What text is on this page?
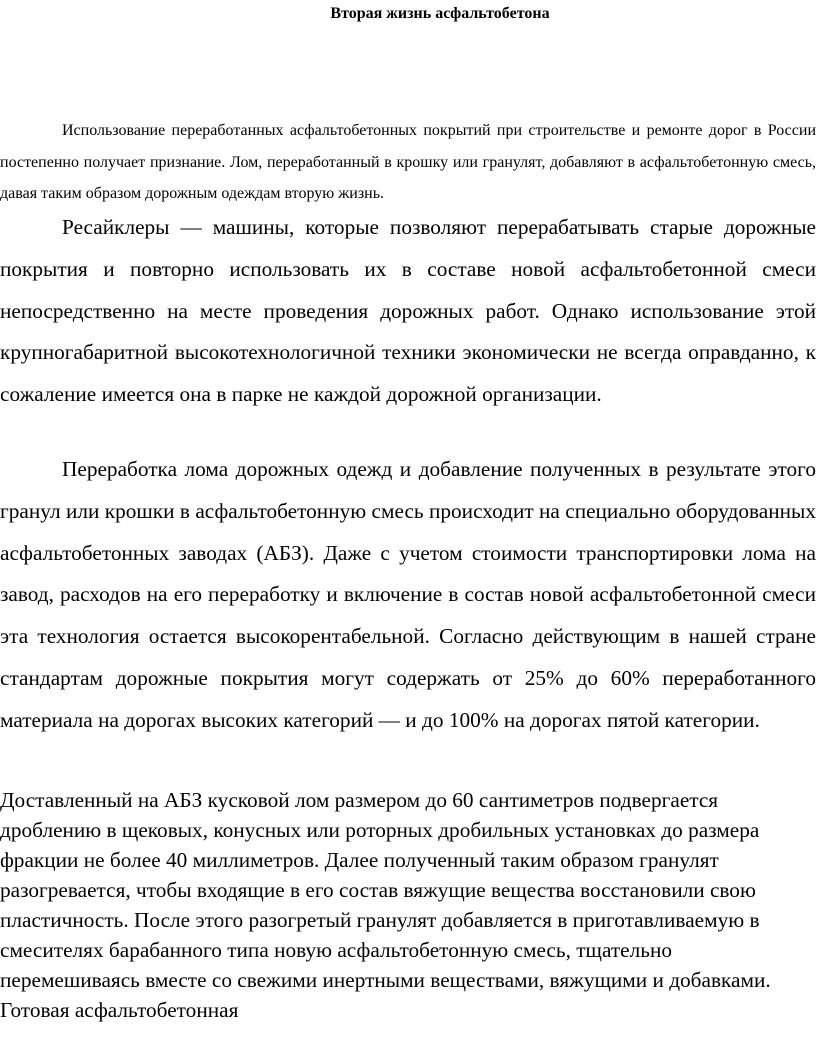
Вторая жизнь асфальтобетона

Использование переработанных асфальтобетонных покрытий при строительстве и ремонте дорог в России постепенно получает признание. Лом, переработанный в крошку или гранулят, добавляют в асфальтобетонную смесь, давая таким образом дорожным одеждам вторую жизнь.

Ресайклеры — машины, которые позволяют перерабатывать старые дорожные покрытия и повторно использовать их в составе новой асфальтобетонной смеси непосредственно на месте проведения дорожных работ. Однако использование этой крупногабаритной высокотехнологичной техники экономически не всегда оправданно, к сожаление имеется она в парке не каждой дорожной организации.

Переработка лома дорожных одежд и добавление полученных в результате этого гранул или крошки в асфальтобетонную смесь происходит на специально оборудованных асфальтобетонных заводах (АБЗ). Даже с учетом стоимости транспортировки лома на завод, расходов на его переработку и включение в состав новой асфальтобетонной смеси эта технология остается высокорентабельной. Согласно действующим в нашей стране стандартам дорожные покрытия могут содержать от 25% до 60% переработанного материала на дорогах высоких категорий — и до 100% на дорогах пятой категории.

Доставленный на АБЗ кусковой лом размером до 60 сантиметров подвергается дроблению в щековых, конусных или роторных дробильных установках до размера фракции не более 40 миллиметров. Далее полученный таким образом гранулят разогревается, чтобы входящие в его состав вяжущие вещества восстановили свою пластичность. После этого разогретый гранулят добавляется в приготавливаемую в смесителях барабанного типа новую асфальтобетонную смесь, тщательно перемешиваясь вместе со свежими инертными веществами, вяжущими и добавками. Готовая асфальтобетонная
